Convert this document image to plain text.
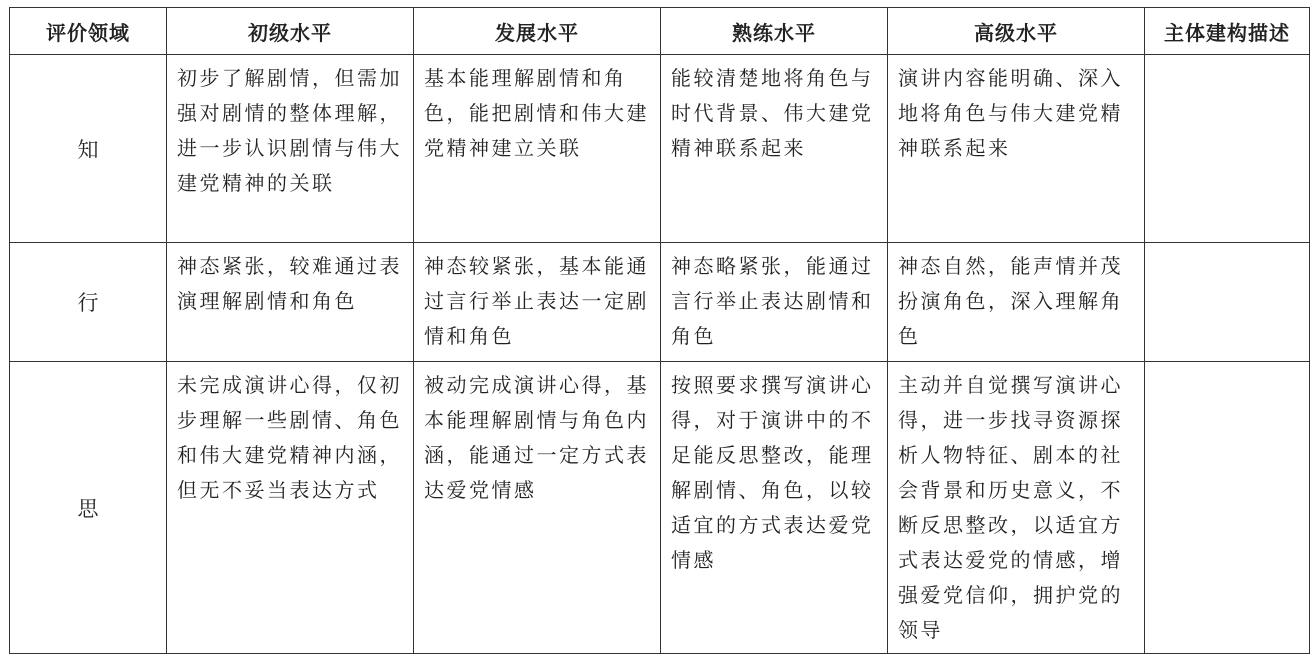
评价领域	初级水平	发展水平	熟练水平	高级水平	主体建构描述
知	初步了解剧情，但需加强对剧情的整体理解，进一步认识剧情与伟大建党精神的关联	基本能理解剧情和角色，能把剧情和伟大建党精神建立关联	能较清楚地将角色与时代背景、伟大建党精神联系起来	演讲内容能明确、深入地将角色与伟大建党精神联系起来	
行	神态紧张，较难通过表演理解剧情和角色	神态较紧张，基本能通过言行举止表达一定剧情和角色	神态略紧张，能通过言行举止表达剧情和角色	神态自然，能声情并茂扮演角色，深入理解角色	
思	未完成演讲心得，仅初步理解一些剧情、角色和伟大建党精神内涵，但无不妥当表达方式	被动完成演讲心得，基本能理解剧情与角色内涵，能通过一定方式表达爱党情感	按照要求撰写演讲心得，对于演讲中的不足能反思整改，能理解剧情、角色，以较适宜的方式表达爱党情感	主动并自觉撰写演讲心得，进一步找寻资源探析人物特征、剧本的社会背景和历史意义，不断反思整改，以适宜方式表达爱党的情感，增强爱党信仰，拥护党的领导	
